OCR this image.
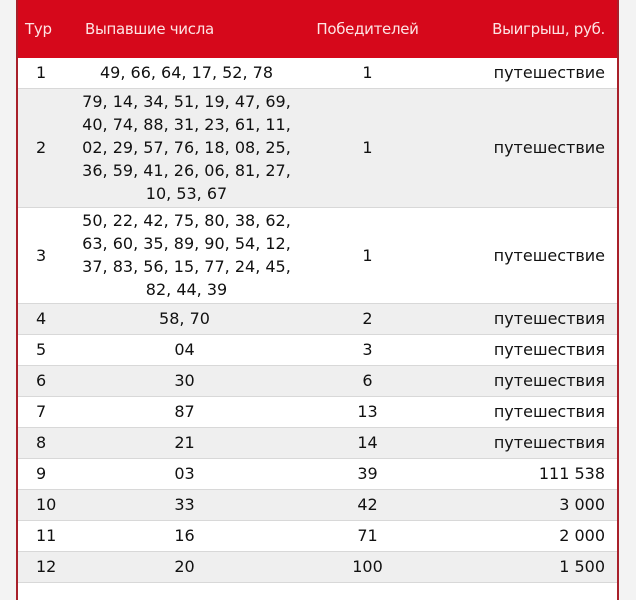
Тур	Выпавшие числа	Победителей	Выигрыш, руб.
1	49, 66, 64, 17, 52, 78	1	путешествие
2	79, 14, 34, 51, 19, 47, 69, 40, 74, 88, 31, 23, 61, 11, 02, 29, 57, 76, 18, 08, 25, 36, 59, 41, 26, 06, 81, 27, 10, 53, 67	1	путешествие
3	50, 22, 42, 75, 80, 38, 62, 63, 60, 35, 89, 90, 54, 12, 37, 83, 56, 15, 77, 24, 45, 82, 44, 39	1	путешествие
4	58, 70	2	путешествия
5	04	3	путешествия
6	30	6	путешествия
7	87	13	путешествия
8	21	14	путешествия
9	03	39	111 538
10	33	42	3 000
11	16	71	2 000
12	20	100	1 500
